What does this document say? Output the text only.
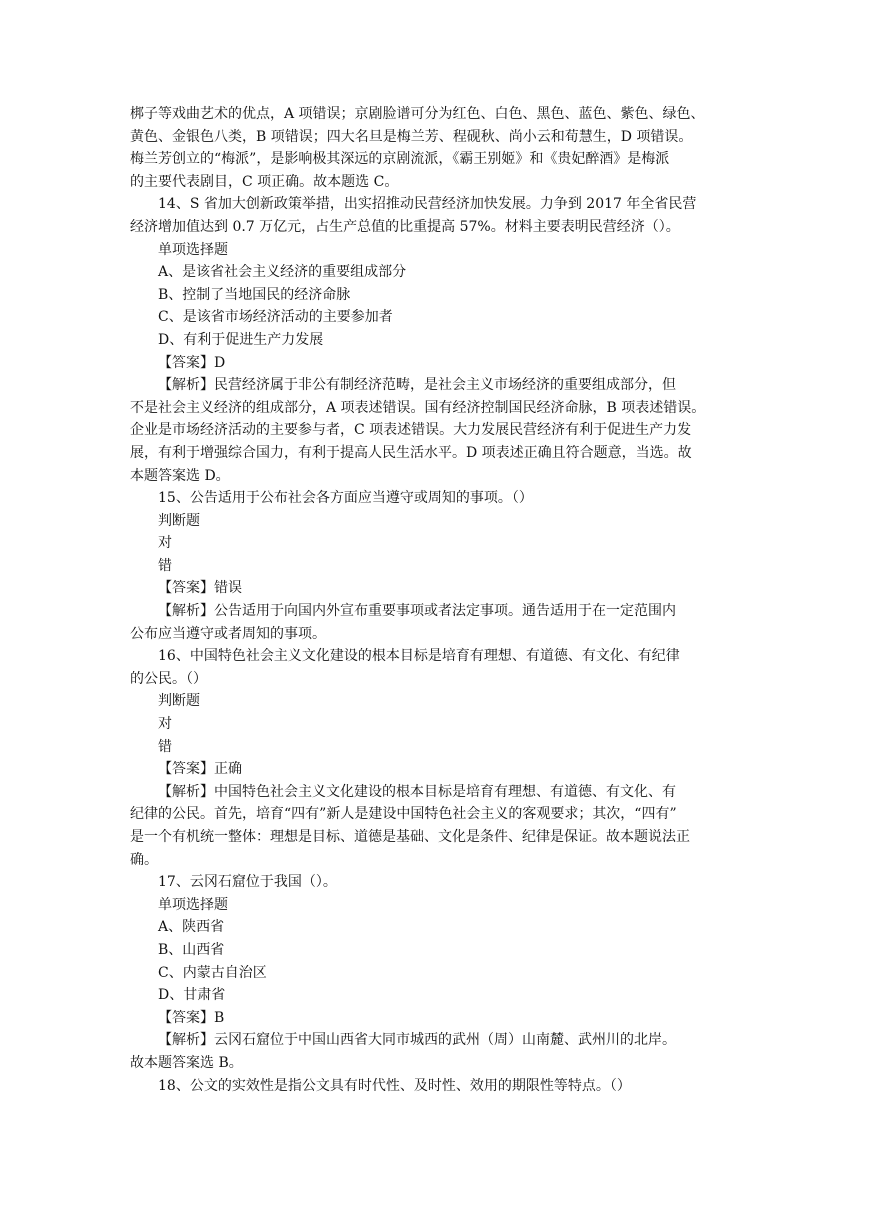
梆子等戏曲艺术的优点，A 项错误；京剧脸谱可分为红色、白色、黑色、蓝色、紫色、绿色、

黄色、金银色八类，B 项错误；四大名旦是梅兰芳、程砚秋、尚小云和荀慧生，D 项错误。

梅兰芳创立的“梅派”，是影响极其深远的京剧流派，《霸王别姬》和《贵妃醉酒》是梅派

的主要代表剧目，C 项正确。故本题选 C。

14、S 省加大创新政策举措，出实招推动民营经济加快发展。力争到 2017 年全省民营

经济增加值达到 0.7 万亿元，占生产总值的比重提高 57%。材料主要表明民营经济（）。

单项选择题

A、是该省社会主义经济的重要组成部分

B、控制了当地国民的经济命脉

C、是该省市场经济活动的主要参加者

D、有利于促进生产力发展

【答案】D

【解析】民营经济属于非公有制经济范畴，是社会主义市场经济的重要组成部分，但

不是社会主义经济的组成部分，A 项表述错误。国有经济控制国民经济命脉，B 项表述错误。

企业是市场经济活动的主要参与者，C 项表述错误。大力发展民营经济有利于促进生产力发

展，有利于增强综合国力，有利于提高人民生活水平。D 项表述正确且符合题意，当选。故

本题答案选 D。

15、公告适用于公布社会各方面应当遵守或周知的事项。（）

判断题

对

错

【答案】错误

【解析】公告适用于向国内外宣布重要事项或者法定事项。通告适用于在一定范围内

公布应当遵守或者周知的事项。

16、中国特色社会主义文化建设的根本目标是培育有理想、有道德、有文化、有纪律

的公民。（）

判断题

对

错

【答案】正确

【解析】中国特色社会主义文化建设的根本目标是培育有理想、有道德、有文化、有

纪律的公民。首先，培育“四有”新人是建设中国特色社会主义的客观要求；其次，“四有”

是一个有机统一整体：理想是目标、道德是基础、文化是条件、纪律是保证。故本题说法正

确。

17、云冈石窟位于我国（）。

单项选择题

A、陕西省

B、山西省

C、内蒙古自治区

D、甘肃省

【答案】B

【解析】云冈石窟位于中国山西省大同市城西的武州（周）山南麓、武州川的北岸。

故本题答案选 B。

18、公文的实效性是指公文具有时代性、及时性、效用的期限性等特点。（）
